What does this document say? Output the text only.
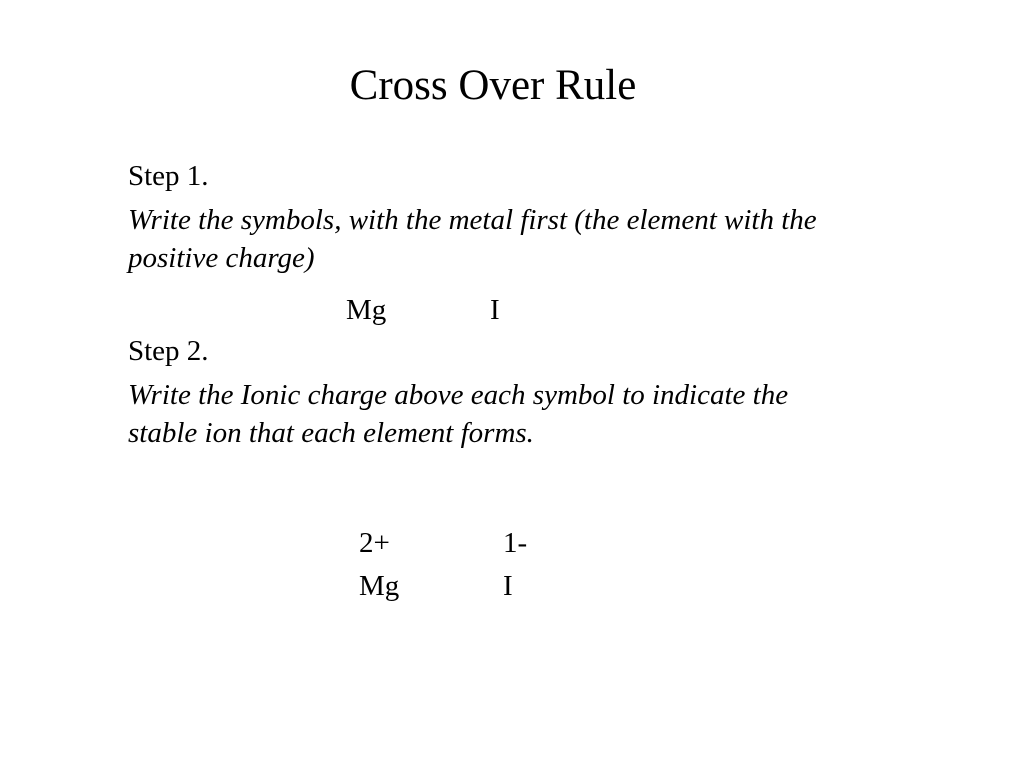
Cross Over Rule
Step 1.
Write the symbols, with the metal first (the element with the positive charge)
Step 2.
Write the Ionic charge above each symbol to indicate the stable ion that each element forms.
Mg	I
2+	1-
Mg	I
